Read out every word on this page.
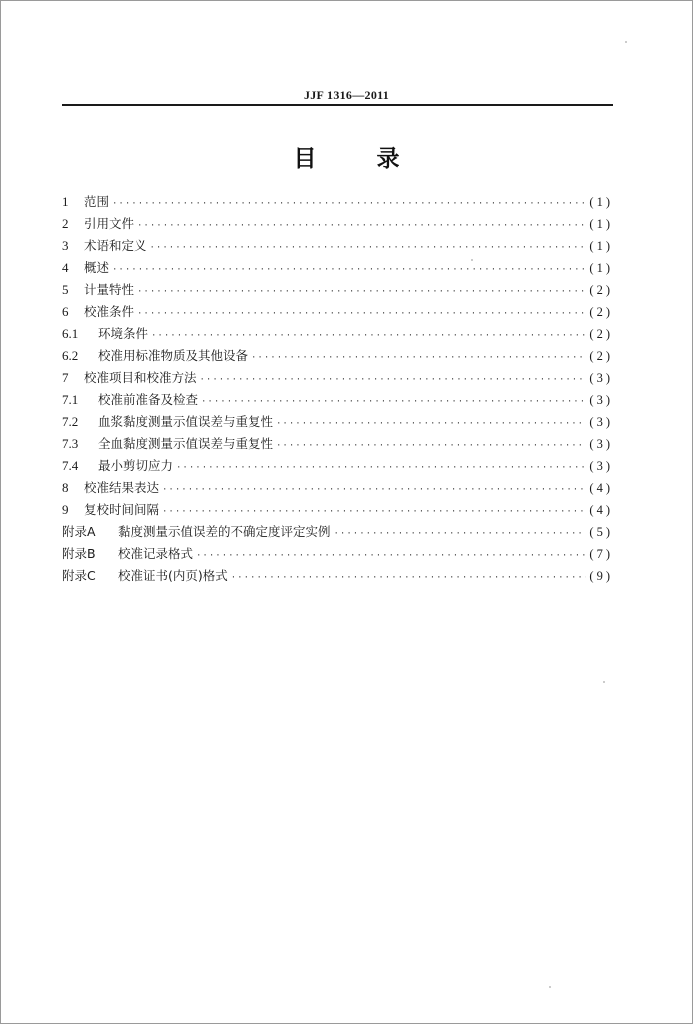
JJF 1316—2011
目	录
1	范围 ·····	(1)
2	引用文件 ·····	(1)
3	术语和定义 ·····	(1)
4	概述 ·····	(1)
5	计量特性 ·····	(2)
6	校准条件 ·····	(2)
6.1	环境条件 ·····	(2)
6.2	校准用标准物质及其他设备 ·····	(2)
7	校准项目和校准方法 ·····	(3)
7.1	校准前准备及检查 ·····	(3)
7.2	血浆黏度测量示值误差与重复性 ·····	(3)
7.3	全血黏度测量示值误差与重复性 ·····	(3)
7.4	最小剪切应力 ·····	(3)
8	校准结果表达 ·····	(4)
9	复校时间间隔 ·····	(4)
附录A	黏度测量示值误差的不确定度评定实例 ·····	(5)
附录B	校准记录格式 ·····	(7)
附录C	校准证书(内页)格式 ·····	(9)
